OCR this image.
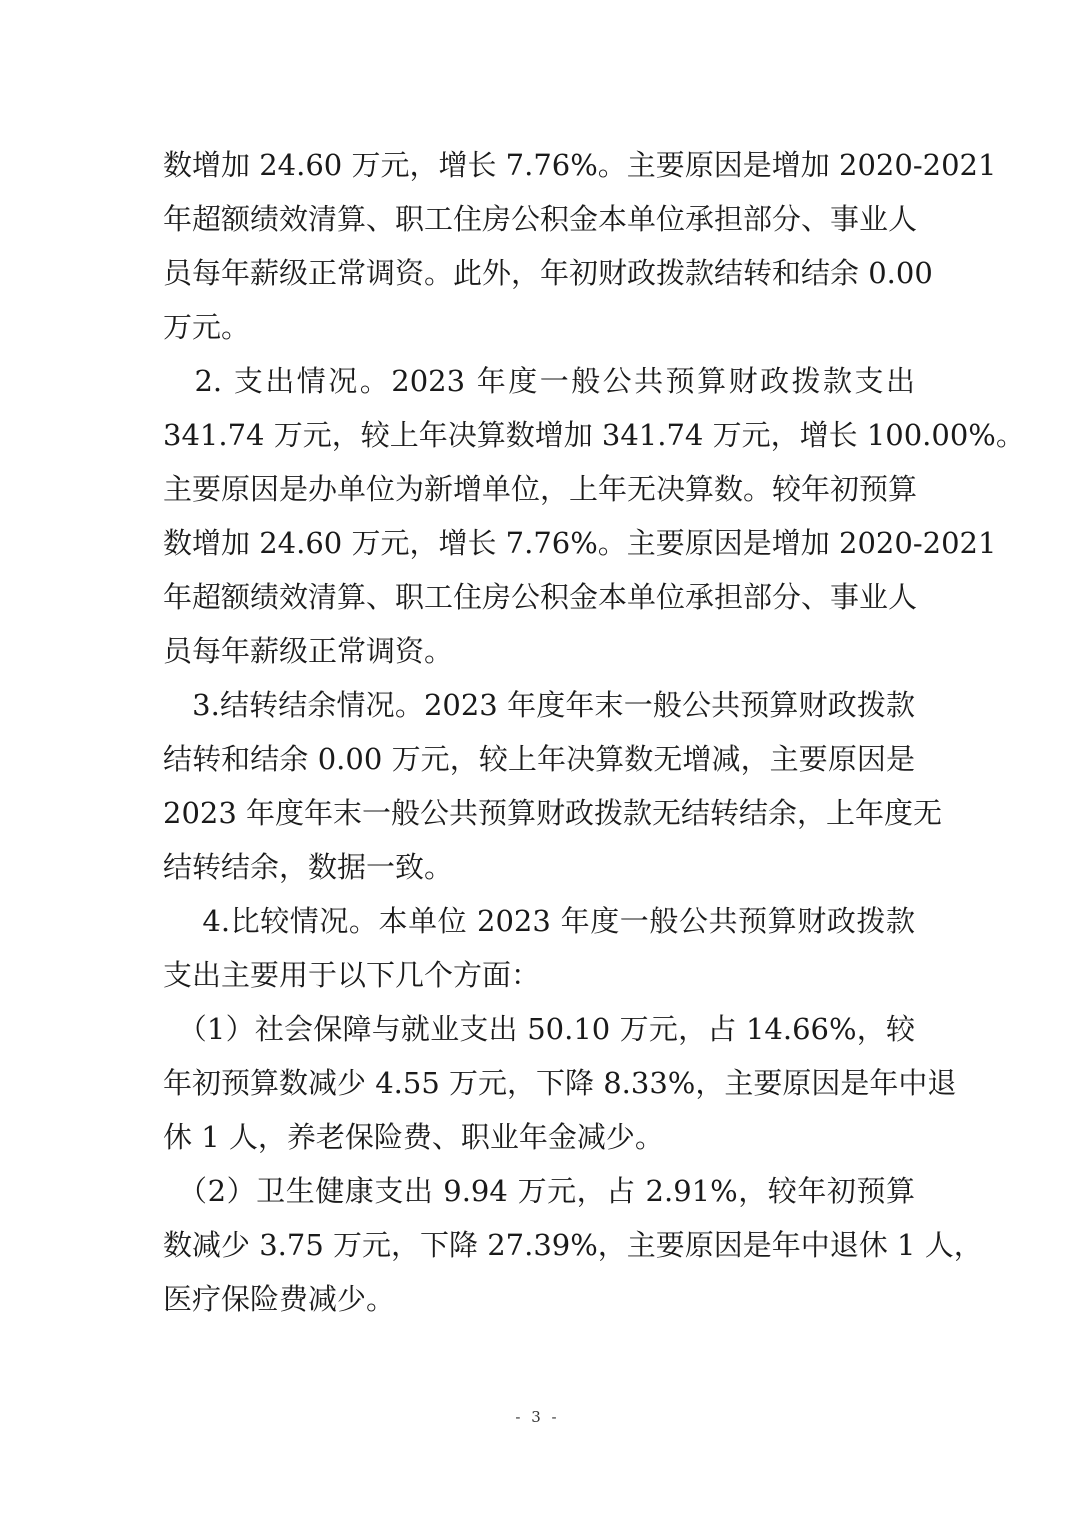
数增加 24.60 万元，增长 7.76%。主要原因是增加 2020-2021
年超额绩效清算、职工住房公积金本单位承担部分、事业人
员每年薪级正常调资。此外，年初财政拨款结转和结余 0.00
万元。
　2. 支出情况。2023 年度一般公共预算财政拨款支出
341.74 万元，较上年决算数增加 341.74 万元，增长 100.00%。
主要原因是办单位为新增单位，上年无决算数。较年初预算
数增加 24.60 万元，增长 7.76%。主要原因是增加 2020-2021
年超额绩效清算、职工住房公积金本单位承担部分、事业人
员每年薪级正常调资。
　3.结转结余情况。2023 年度年末一般公共预算财政拨款
结转和结余 0.00 万元，较上年决算数无增减，主要原因是
2023 年度年末一般公共预算财政拨款无结转结余，上年度无
结转结余，数据一致。
　 4.比较情况。本单位 2023 年度一般公共预算财政拨款
支出主要用于以下几个方面：
　（1）社会保障与就业支出 50.10 万元，占 14.66%，较
年初预算数减少 4.55 万元，下降 8.33%，主要原因是年中退
休 1 人，养老保险费、职业年金减少。
　（2）卫生健康支出 9.94 万元，占 2.91%，较年初预算
数减少 3.75 万元，下降 27.39%，主要原因是年中退休 1 人，
医疗保险费减少。
- 3 -
